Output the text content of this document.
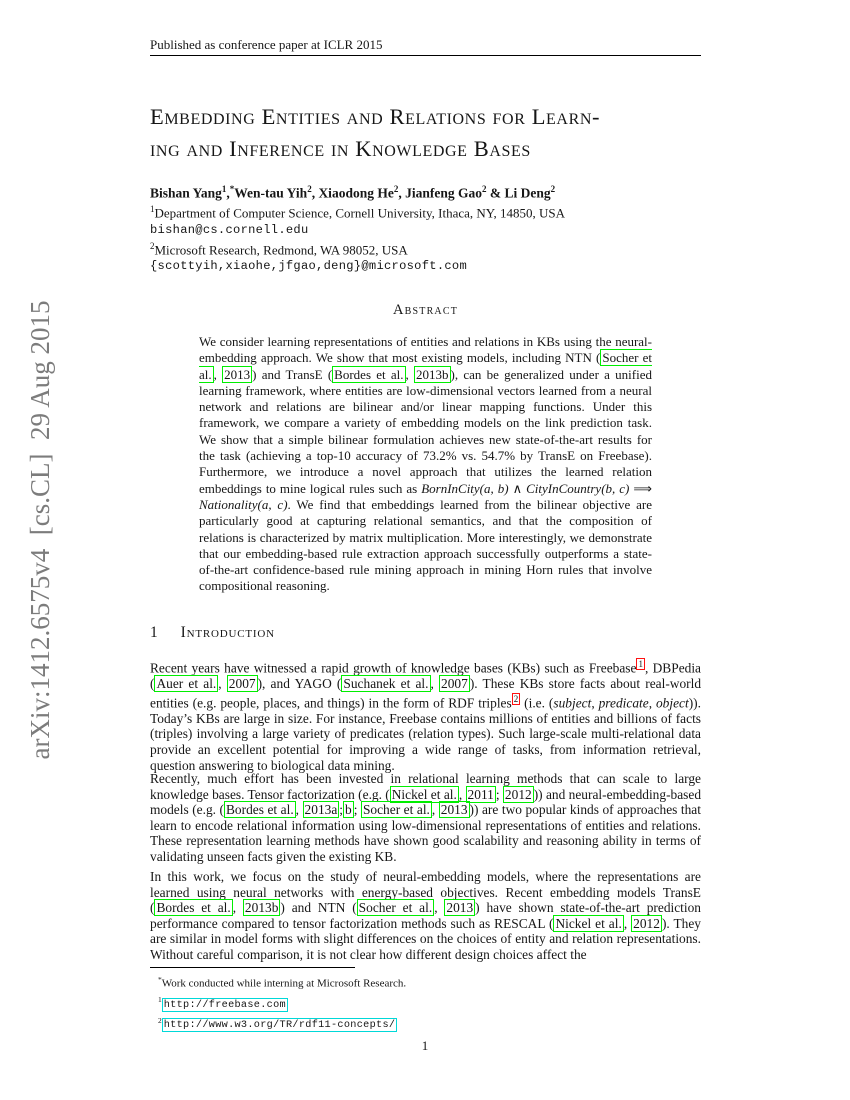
Published as conference paper at ICLR 2015
arXiv:1412.6575v4  [cs.CL]  29 Aug 2015
Embedding Entities and Relations for Learn-
ing and Inference in Knowledge Bases
Bishan Yang$^1$,*Wen-tau Yih$^2$, Xiaodong He$^2$, Jianfeng Gao$^2$ & Li Deng$^2$
$^1$Department of Computer Science, Cornell University, Ithaca, NY, 14850, USA
bishan@cs.cornell.edu
$^2$Microsoft Research, Redmond, WA 98052, USA
{scottyih,xiaohe,jfgao,deng}@microsoft.com
Abstract
We consider learning representations of entities and relations in KBs using the neural-embedding approach. We show that most existing models, including NTN ( Socher et al. , 2013 ) and TransE ( Bordes et al. , 2013b ), can be generalized under a unified learning framework, where entities are low-dimensional vectors learned from a neural network and relations are bilinear and/or linear mapping functions. Under this framework, we compare a variety of embedding models on the link prediction task. We show that a simple bilinear formulation achieves new state-of-the-art results for the task (achieving a top-10 accuracy of 73.2% vs. 54.7% by TransE on Freebase). Furthermore, we introduce a novel approach that utilizes the learned relation embeddings to mine logical rules such as BornInCity(a, b) ∧ CityInCountry(b, c) ⟹ Nationality(a, c). We find that embeddings learned from the bilinear objective are particularly good at capturing relational semantics, and that the composition of relations is characterized by matrix multiplication. More interestingly, we demonstrate that our embedding-based rule extraction approach successfully outperforms a state-of-the-art confidence-based rule mining approach in mining Horn rules that involve compositional reasoning.
1 Introduction

Recent years have witnessed a rapid growth of knowledge bases (KBs) such as Freebase $^1$ , DBPedia ( Auer et al. , 2007 ), and YAGO ( Suchanek et al. , 2007 ). These KBs store facts about real-world entities (e.g. people, places, and things) in the form of RDF triples $^2$ (i.e. (subject, predicate, object)). Today’s KBs are large in size. For instance, Freebase contains millions of entities and billions of facts (triples) involving a large variety of predicates (relation types). Such large-scale multi-relational data provide an excellent potential for improving a wide range of tasks, from information retrieval, question answering to biological data mining.

Recently, much effort has been invested in relational learning methods that can scale to large knowledge bases. Tensor factorization (e.g. ( Nickel et al. , 2011 ; 2012 )) and neural-embedding-based models (e.g. ( Bordes et al. , 2013a ; b ; Socher et al. , 2013 )) are two popular kinds of approaches that learn to encode relational information using low-dimensional representations of entities and relations. These representation learning methods have shown good scalability and reasoning ability in terms of validating unseen facts given the existing KB.

In this work, we focus on the study of neural-embedding models, where the representations are learned using neural networks with energy-based objectives. Recent embedding models TransE ( Bordes et al. , 2013b ) and NTN ( Socher et al. , 2013 ) have shown state-of-the-art prediction performance compared to tensor factorization methods such as RESCAL ( Nickel et al. , 2012 ). They are similar in model forms with slight differences on the choices of entity and relation representations. Without careful comparison, it is not clear how different design choices affect the

*Work conducted while interning at Microsoft Research.
$^1$ http://freebase.com
$^2$ http://www.w3.org/TR/rdf11-concepts/
1
